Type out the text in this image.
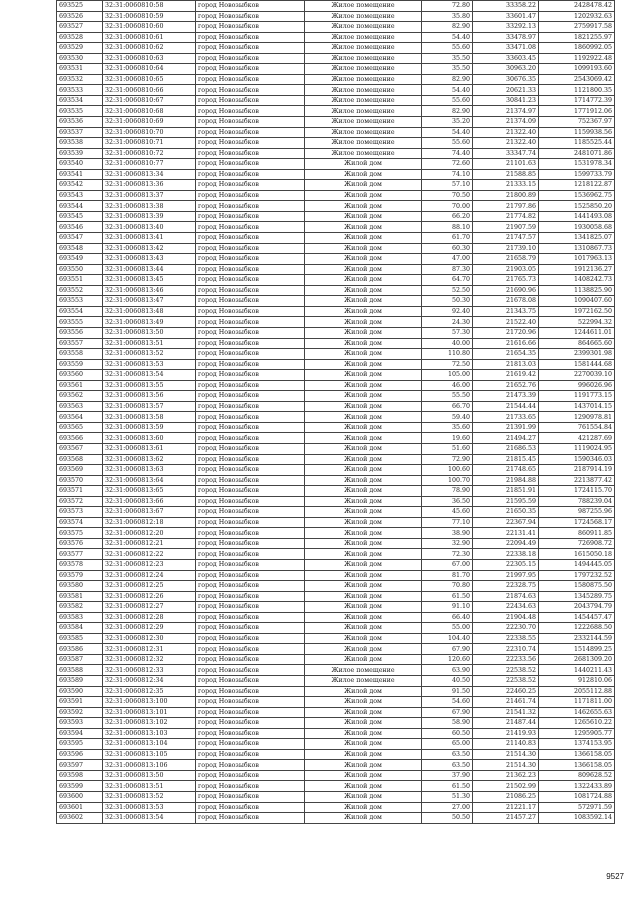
693525	32:31:0060810:58	город Новозыбков	Жилое помещение	72.80	33358.22	2428478.42
693526	32:31:0060810:59	город Новозыбков	Жилое помещение	35.80	33601.47	1202932.63
693527	32:31:0060810:60	город Новозыбков	Жилое помещение	82.90	33292.13	2759917.58
693528	32:31:0060810:61	город Новозыбков	Жилое помещение	54.40	33478.97	1821255.97
693529	32:31:0060810:62	город Новозыбков	Жилое помещение	55.60	33471.08	1860992.05
693530	32:31:0060810:63	город Новозыбков	Жилое помещение	35.50	33603.45	1192922.48
693531	32:31:0060810:64	город Новозыбков	Жилое помещение	35.50	30963.20	1099193.60
693532	32:31:0060810:65	город Новозыбков	Жилое помещение	82.90	30676.35	2543069.42
693533	32:31:0060810:66	город Новозыбков	Жилое помещение	54.40	20621.33	1121800.35
693534	32:31:0060810:67	город Новозыбков	Жилое помещение	55.60	30841.23	1714772.39
693535	32:31:0060810:68	город Новозыбков	Жилое помещение	82.90	21374.97	1771912.06
693536	32:31:0060810:69	город Новозыбков	Жилое помещение	35.20	21374.09	752367.97
693537	32:31:0060810:70	город Новозыбков	Жилое помещение	54.40	21322.40	1159938.56
693538	32:31:0060810:71	город Новозыбков	Жилое помещение	55.60	21322.40	1185525.44
693539	32:31:0060810:72	город Новозыбков	Жилое помещение	74.40	33347.74	2481071.86
693540	32:31:0060810:77	город Новозыбков	Жилой дом	72.60	21101.63	1531978.34
693541	32:31:0060813:34	город Новозыбков	Жилой дом	74.10	21588.85	1599733.79
693542	32:31:0060813:36	город Новозыбков	Жилой дом	57.10	21333.15	1218122.87
693543	32:31:0060813:37	город Новозыбков	Жилой дом	70.50	21800.89	1536962.75
693544	32:31:0060813:38	город Новозыбков	Жилой дом	70.00	21797.86	1525850.20
693545	32:31:0060813:39	город Новозыбков	Жилой дом	66.20	21774.82	1441493.08
693546	32:31:0060813:40	город Новозыбков	Жилой дом	88.10	21907.59	1930058.68
693547	32:31:0060813:41	город Новозыбков	Жилой дом	61.70	21747.57	1341825.07
693548	32:31:0060813:42	город Новозыбков	Жилой дом	60.30	21739.10	1310867.73
693549	32:31:0060813:43	город Новозыбков	Жилой дом	47.00	21658.79	1017963.13
693550	32:31:0060813:44	город Новозыбков	Жилой дом	87.30	21903.05	1912136.27
693551	32:31:0060813:45	город Новозыбков	Жилой дом	64.70	21765.73	1408242.73
693552	32:31:0060813:46	город Новозыбков	Жилой дом	52.50	21690.96	1138825.90
693553	32:31:0060813:47	город Новозыбков	Жилой дом	50.30	21678.08	1090407.60
693554	32:31:0060813:48	город Новозыбков	Жилой дом	92.40	21343.75	1972162.50
693555	32:31:0060813:49	город Новозыбков	Жилой дом	24.30	21522.40	522994.32
693556	32:31:0060813:50	город Новозыбков	Жилой дом	57.30	21720.96	1244611.01
693557	32:31:0060813:51	город Новозыбков	Жилой дом	40.00	21616.66	864665.60
693558	32:31:0060813:52	город Новозыбков	Жилой дом	110.80	21654.35	2399301.98
693559	32:31:0060813:53	город Новозыбков	Жилой дом	72.50	21813.03	1581444.68
693560	32:31:0060813:54	город Новозыбков	Жилой дом	105.00	21619.42	2270039.10
693561	32:31:0060813:55	город Новозыбков	Жилой дом	46.00	21652.76	996026.96
693562	32:31:0060813:56	город Новозыбков	Жилой дом	55.50	21473.39	1191773.15
693563	32:31:0060813:57	город Новозыбков	Жилой дом	66.70	21544.44	1437014.15
693564	32:31:0060813:58	город Новозыбков	Жилой дом	59.40	21733.65	1290978.81
693565	32:31:0060813:59	город Новозыбков	Жилой дом	35.60	21391.99	761554.84
693566	32:31:0060813:60	город Новозыбков	Жилой дом	19.60	21494.27	421287.69
693567	32:31:0060813:61	город Новозыбков	Жилой дом	51.60	21686.53	1119024.95
693568	32:31:0060813:62	город Новозыбков	Жилой дом	72.90	21815.45	1590346.03
693569	32:31:0060813:63	город Новозыбков	Жилой дом	100.60	21748.65	2187914.19
693570	32:31:0060813:64	город Новозыбков	Жилой дом	100.70	21984.88	2213877.42
693571	32:31:0060813:65	город Новозыбков	Жилой дом	78.90	21851.91	1724115.70
693572	32:31:0060813:66	город Новозыбков	Жилой дом	36.50	21595.59	788239.04
693573	32:31:0060813:67	город Новозыбков	Жилой дом	45.60	21650.35	987255.96
693574	32:31:0060812:18	город Новозыбков	Жилой дом	77.10	22367.94	1724568.17
693575	32:31:0060812:20	город Новозыбков	Жилой дом	38.90	22131.41	860911.85
693576	32:31:0060812:21	город Новозыбков	Жилой дом	32.90	22094.49	726908.72
693577	32:31:0060812:22	город Новозыбков	Жилой дом	72.30	22338.18	1615050.18
693578	32:31:0060812:23	город Новозыбков	Жилой дом	67.00	22305.15	1494445.05
693579	32:31:0060812:24	город Новозыбков	Жилой дом	81.70	21997.95	1797232.52
693580	32:31:0060812:25	город Новозыбков	Жилой дом	70.80	22328.75	1580875.50
693581	32:31:0060812:26	город Новозыбков	Жилой дом	61.50	21874.63	1345289.75
693582	32:31:0060812:27	город Новозыбков	Жилой дом	91.10	22434.63	2043794.79
693583	32:31:0060812:28	город Новозыбков	Жилой дом	66.40	21904.48	1454457.47
693584	32:31:0060812:29	город Новозыбков	Жилой дом	55.00	22230.70	1222688.50
693585	32:31:0060812:30	город Новозыбков	Жилой дом	104.40	22338.55	2332144.59
693586	32:31:0060812:31	город Новозыбков	Жилой дом	67.90	22310.74	1514899.25
693587	32:31:0060812:32	город Новозыбков	Жилой дом	120.60	22233.56	2681309.20
693588	32:31:0060812:33	город Новозыбков	Жилое помещение	63.90	22538.52	1440211.43
693589	32:31:0060812:34	город Новозыбков	Жилое помещение	40.50	22538.52	912810.06
693590	32:31:0060812:35	город Новозыбков	Жилой дом	91.50	22460.25	2055112.88
693591	32:31:0060813:100	город Новозыбков	Жилой дом	54.60	21461.74	1171811.00
693592	32:31:0060813:101	город Новозыбков	Жилой дом	67.90	21541.32	1462655.63
693593	32:31:0060813:102	город Новозыбков	Жилой дом	58.90	21487.44	1265610.22
693594	32:31:0060813:103	город Новозыбков	Жилой дом	60.50	21419.93	1295905.77
693595	32:31:0060813:104	город Новозыбков	Жилой дом	65.00	21140.83	1374153.95
693596	32:31:0060813:105	город Новозыбков	Жилой дом	63.50	21514.30	1366158.05
693597	32:31:0060813:106	город Новозыбков	Жилой дом	63.50	21514.30	1366158.05
693598	32:31:0060813:50	город Новозыбков	Жилой дом	37.90	21362.23	809628.52
693599	32:31:0060813:51	город Новозыбков	Жилой дом	61.50	21502.99	1322433.89
693600	32:31:0060813:52	город Новозыбков	Жилой дом	51.30	21086.25	1081724.88
693601	32:31:0060813:53	город Новозыбков	Жилой дом	27.00	21221.17	572971.59
693602	32:31:0060813:54	город Новозыбков	Жилой дом	50.50	21457.27	1083592.14
9527
